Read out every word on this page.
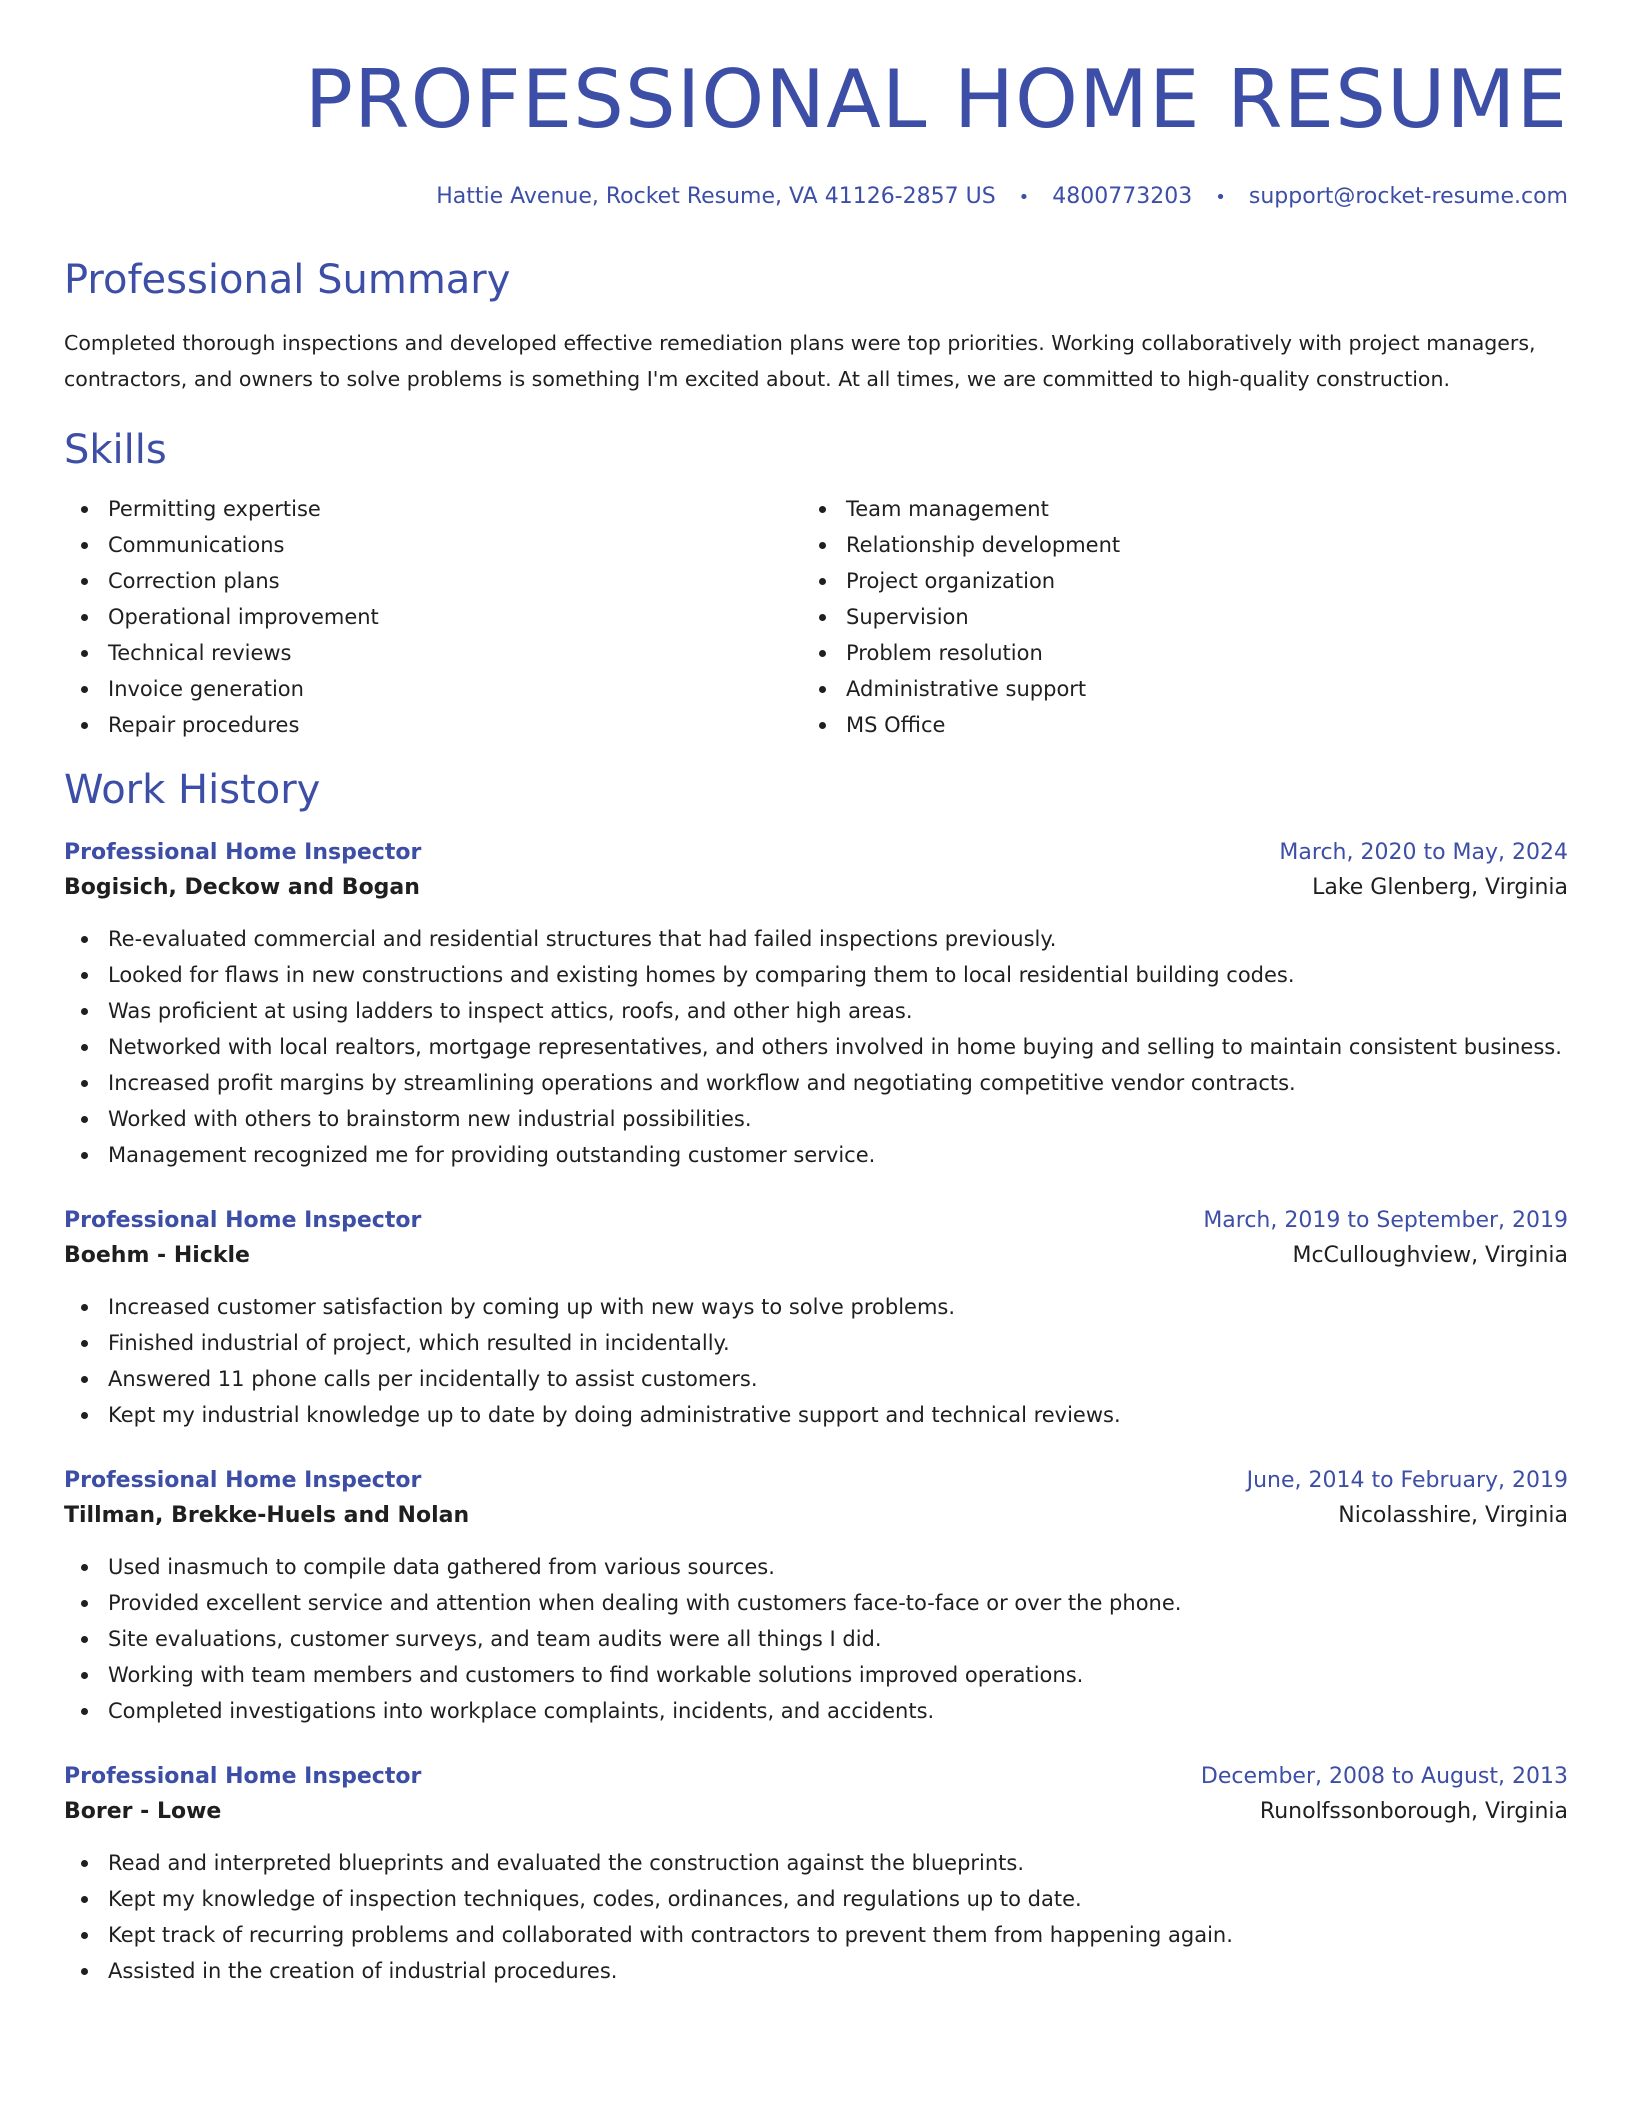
PROFESSIONAL HOME RESUME
Hattie Avenue, Rocket Resume, VA 41126-2857 US • 4800773203 • support@rocket-resume.com
Professional Summary

Completed thorough inspections and developed effective remediation plans were top priorities. Working collaboratively with project managers, contractors, and owners to solve problems is something I'm excited about. At all times, we are committed to high-quality construction.

Skills
Permitting expertise
Communications
Correction plans
Operational improvement
Technical reviews
Invoice generation
Repair procedures
Team management
Relationship development
Project organization
Supervision
Problem resolution
Administrative support
MS Office
Work History
Professional Home Inspector	March, 2020 to May, 2024
Bogisich, Deckow and Bogan	Lake Glenberg, Virginia
Re-evaluated commercial and residential structures that had failed inspections previously.
Looked for flaws in new constructions and existing homes by comparing them to local residential building codes.
Was proficient at using ladders to inspect attics, roofs, and other high areas.
Networked with local realtors, mortgage representatives, and others involved in home buying and selling to maintain consistent business.
Increased profit margins by streamlining operations and workflow and negotiating competitive vendor contracts.
Worked with others to brainstorm new industrial possibilities.
Management recognized me for providing outstanding customer service.
Professional Home Inspector	March, 2019 to September, 2019
Boehm - Hickle	McCulloughview, Virginia
Increased customer satisfaction by coming up with new ways to solve problems.
Finished industrial of project, which resulted in incidentally.
Answered 11 phone calls per incidentally to assist customers.
Kept my industrial knowledge up to date by doing administrative support and technical reviews.
Professional Home Inspector	June, 2014 to February, 2019
Tillman, Brekke-Huels and Nolan	Nicolasshire, Virginia
Used inasmuch to compile data gathered from various sources.
Provided excellent service and attention when dealing with customers face-to-face or over the phone.
Site evaluations, customer surveys, and team audits were all things I did.
Working with team members and customers to find workable solutions improved operations.
Completed investigations into workplace complaints, incidents, and accidents.
Professional Home Inspector	December, 2008 to August, 2013
Borer - Lowe	Runolfssonborough, Virginia
Read and interpreted blueprints and evaluated the construction against the blueprints.
Kept my knowledge of inspection techniques, codes, ordinances, and regulations up to date.
Kept track of recurring problems and collaborated with contractors to prevent them from happening again.
Assisted in the creation of industrial procedures.
